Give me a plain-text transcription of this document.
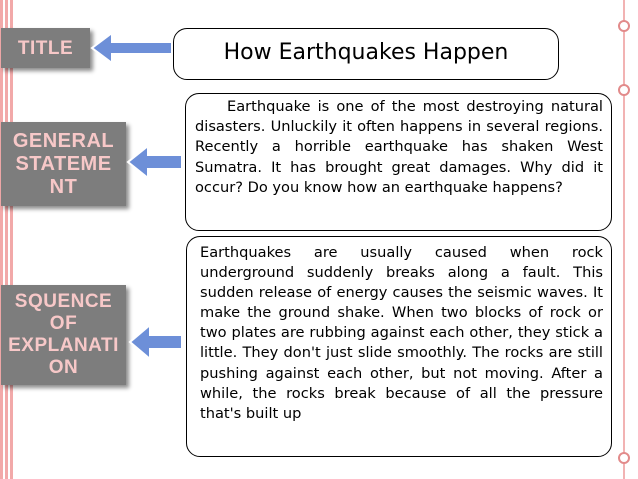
TITLE
GENERAL
STATEME
NT
SQUENCE
OF
EXPLANATI
ON
How Earthquakes Happen
Earthquake is one of the most destroying natural disasters. Unluckily it often happens in several regions. Recently a horrible earthquake has shaken West Sumatra. It has brought great damages. Why did it occur? Do you know how an earthquake happens?
Earthquakes are usually caused when rock underground suddenly breaks along a fault. This sudden release of energy causes the seismic waves. It make the ground shake. When two blocks of rock or two plates are rubbing against each other, they stick a little. They don't just slide smoothly. The rocks are still pushing against each other, but not moving. After a while, the rocks break because of all the pressure that's built up
